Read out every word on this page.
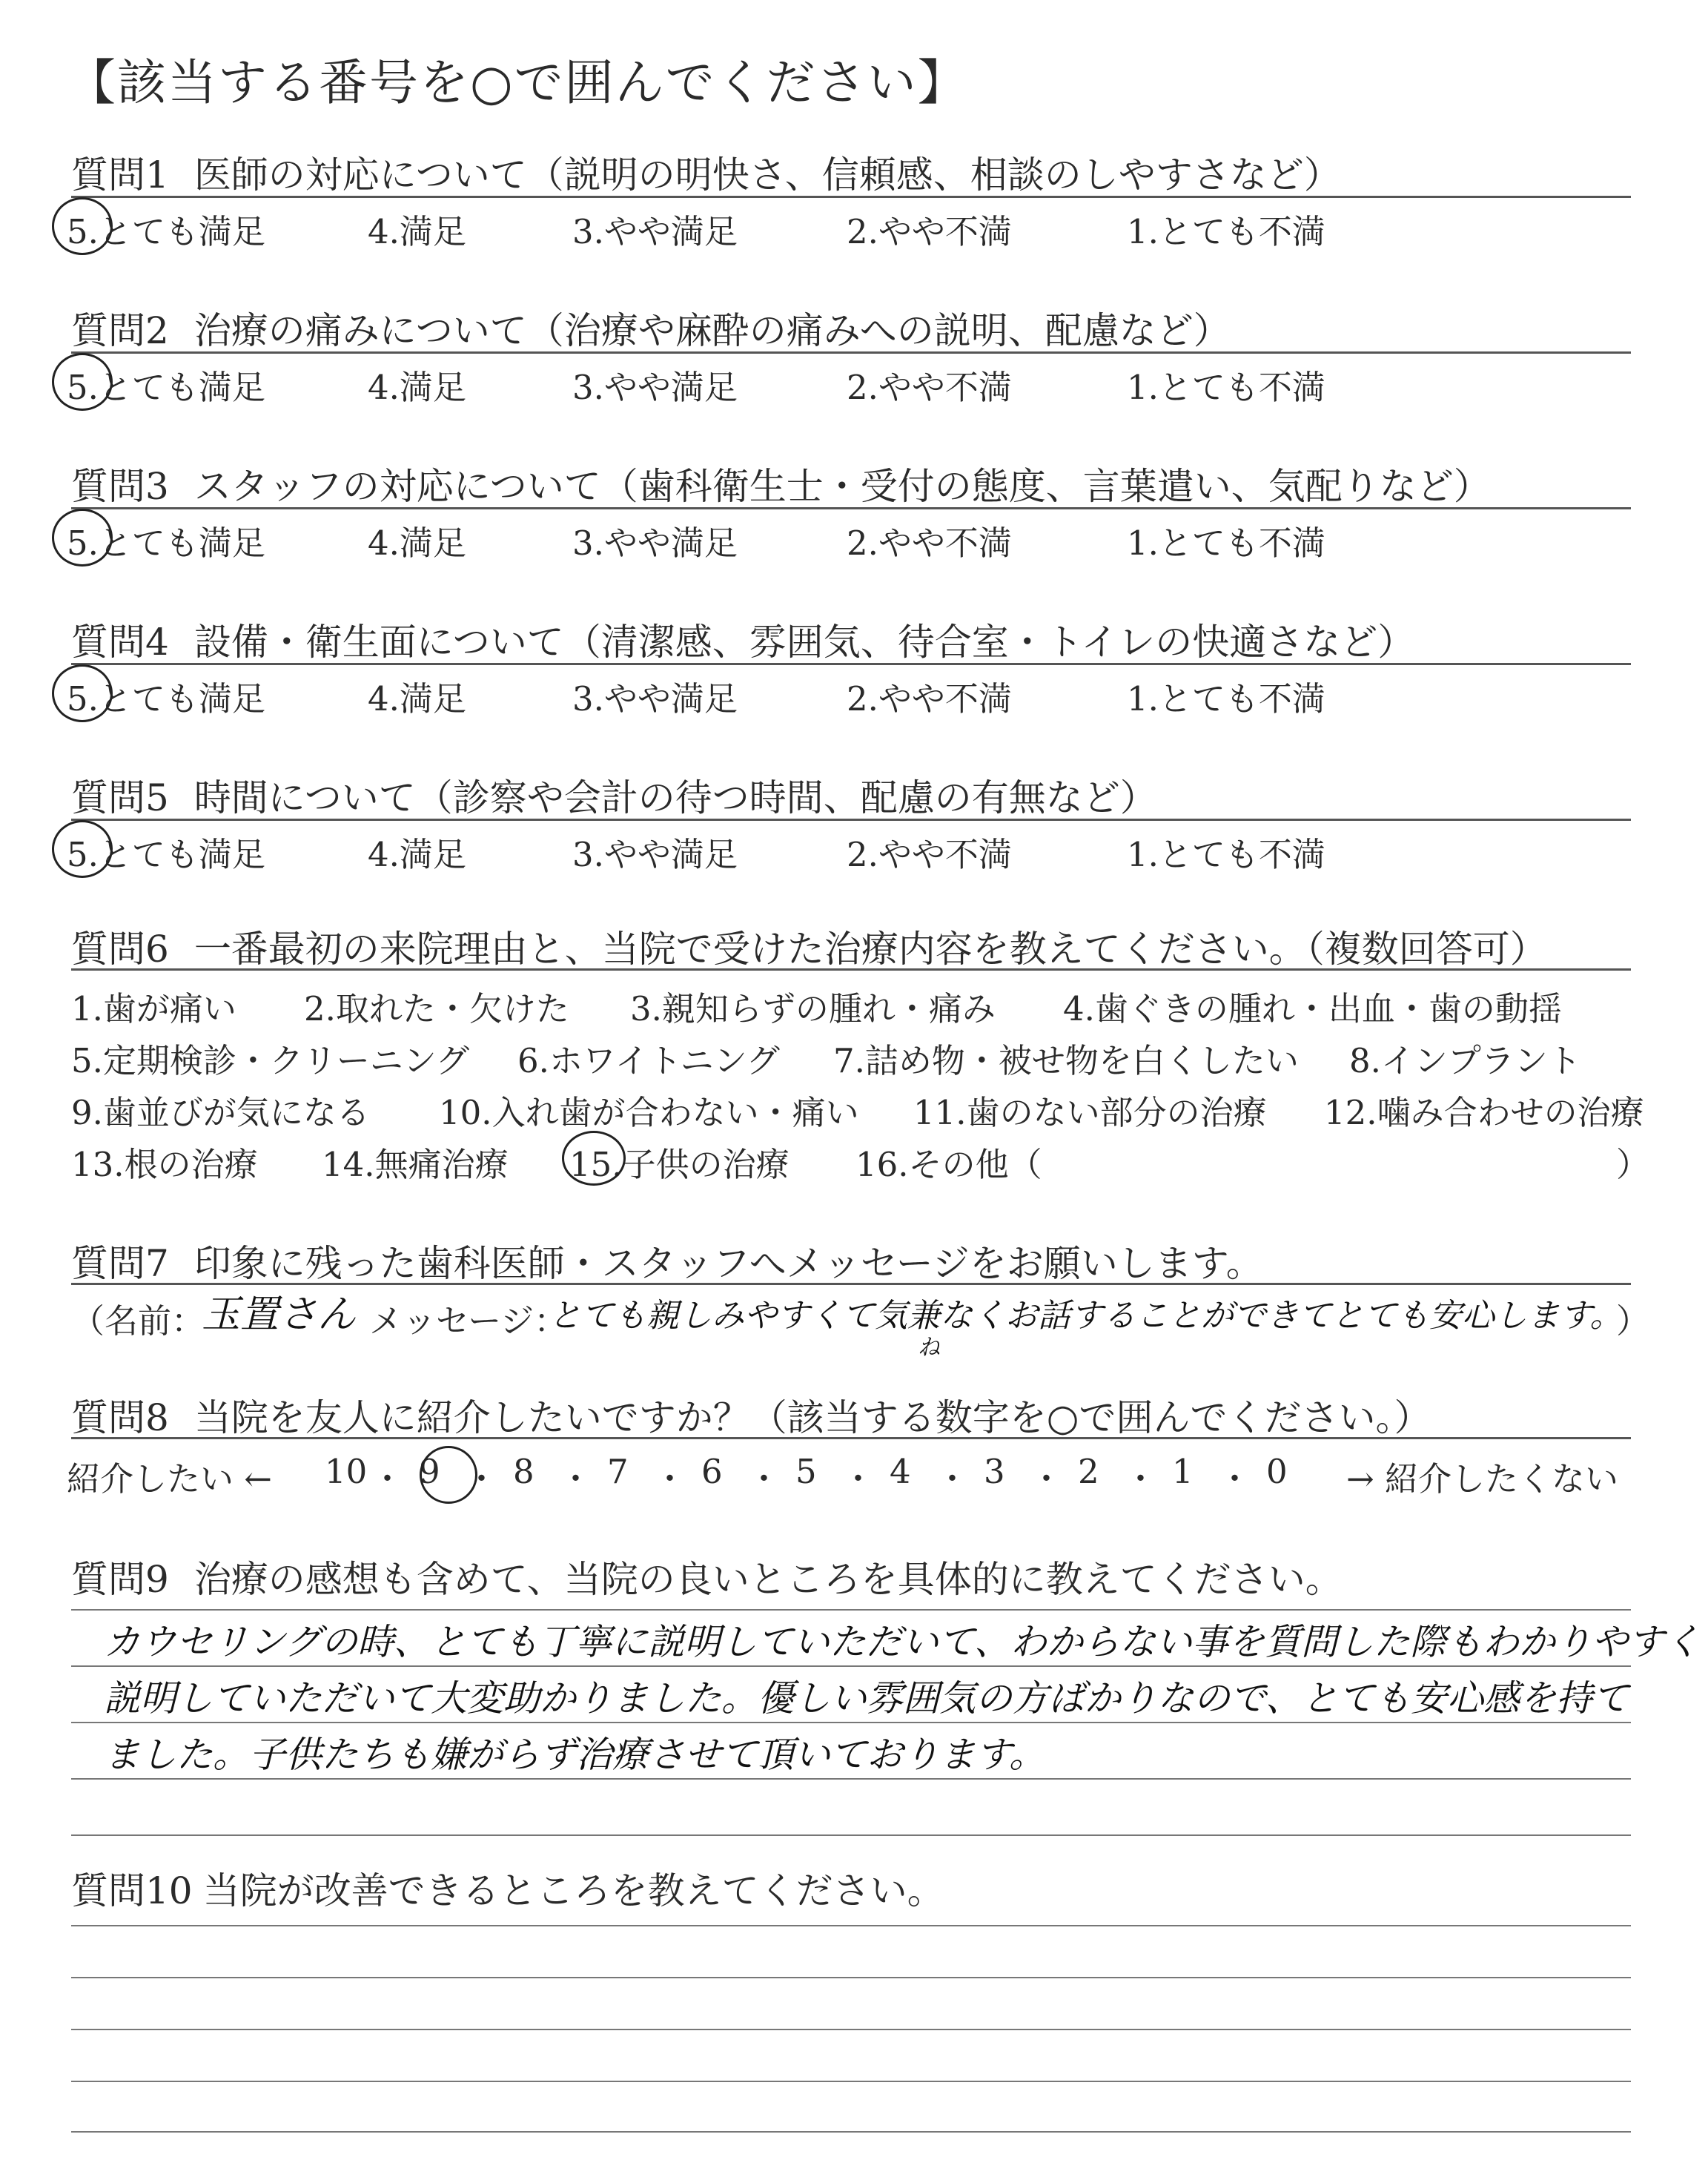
【該当する番号を○で囲んでください】
質問1 医師の対応について（説明の明快さ、信頼感、相談のしやすさなど）
5.とても満足	4.満足	3.やや満足	2.やや不満	1.とても不満
質問2 治療の痛みについて（治療や麻酔の痛みへの説明、配慮など）
5.とても満足	4.満足	3.やや満足	2.やや不満	1.とても不満
質問3 スタッフの対応について（歯科衛生士・受付の態度、言葉遣い、気配りなど）
5.とても満足	4.満足	3.やや満足	2.やや不満	1.とても不満
質問4 設備・衛生面について（清潔感、雰囲気、待合室・トイレの快適さなど）
5.とても満足	4.満足	3.やや満足	2.やや不満	1.とても不満
質問5 時間について（診察や会計の待つ時間、配慮の有無など）
5.とても満足	4.満足	3.やや満足	2.やや不満	1.とても不満
質問6 一番最初の来院理由と、当院で受けた治療内容を教えてください。（複数回答可）
1.歯が痛い 2.取れた・欠けた 3.親知らずの腫れ・痛み 4.歯ぐきの腫れ・出血・歯の動揺
5.定期検診・クリーニング 6.ホワイトニング 7.詰め物・被せ物を白くしたい 8.インプラント
9.歯並びが気になる 10.入れ歯が合わない・痛い 11.歯のない部分の治療 12.噛み合わせの治療
13.根の治療 14.無痛治療 15.子供の治療 16.その他（	）
質問7 印象に残った歯科医師・スタッフへメッセージをお願いします。
（名前：
玉置さん メッセージ：
とても親しみやすくて気兼なくお話することができてとても安心します。
ね
）
質問8 当院を友人に紹介したいですか？（該当する数字を○で囲んでください。）
紹介したい ← 10 ・ 9 ・ 8 ・ 7 ・ 6 ・ 5 ・ 4 ・ 3 ・ 2 ・ 1 ・ 0 → 紹介したくない
質問9 治療の感想も含めて、当院の良いところを具体的に教えてください。
カウセリングの時、とても丁寧に説明していただいて、わからない事を質問した際もわかりやすく
説明していただいて大変助かりました。優しい雰囲気の方ばかりなので、とても安心感を持て
ました。子供たちも嫌がらず治療させて頂いております。
質問10 当院が改善できるところを教えてください。
